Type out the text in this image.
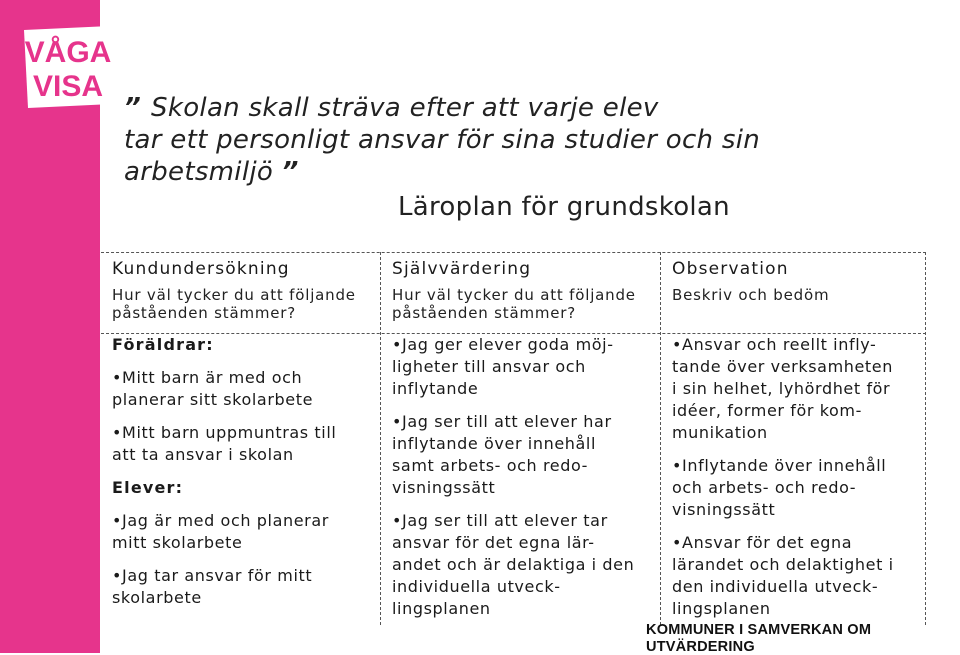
VÅGA
VISA
” Skolan skall sträva efter att varje elev
tar ett personligt ansvar för sina studier och sin
arbetsmiljö ”
Läroplan för grundskolan
Kundundersökning
Hur väl tycker du att följande
påståenden stämmer?
Föräldrar:
• Mitt barn är med och
planerar sitt skolarbete
• Mitt barn uppmuntras till
att ta ansvar i skolan
Elever:
• Jag är med och planerar
mitt skolarbete
• Jag tar ansvar för mitt
skolarbete
Självvärdering
Hur väl tycker du att följande
påståenden stämmer?
• Jag ger elever goda möj-
ligheter till ansvar och
inflytande
• Jag ser till att elever har
inflytande över innehåll
samt arbets- och redo-
visningssätt
• Jag ser till att elever tar
ansvar för det egna lär-
andet och är delaktiga i den
individuella utveck-
lingsplanen
Observation
Beskriv och bedöm
• Ansvar och reellt infly-
tande över verksamheten
i sin helhet, lyhördhet för
idéer, former för kom-
munikation
• Inflytande över innehåll
och arbets- och redo-
visningssätt
• Ansvar för det egna
lärandet och delaktighet i
den individuella utveck-
lingsplanen
KOMMUNER I SAMVERKAN OM UTVÄRDERING
